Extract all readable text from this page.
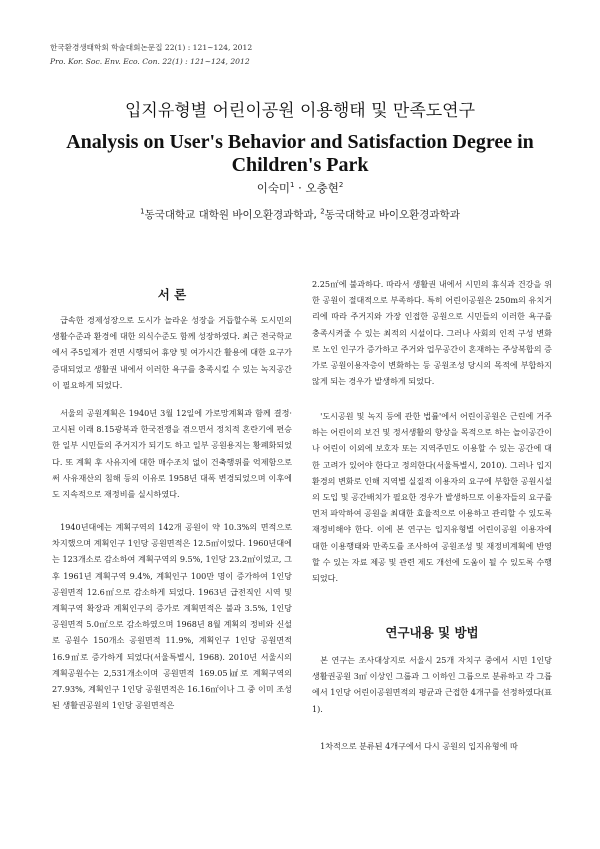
한국환경생태학회 학술대회논문집 22(1) : 121~124, 2012
Pro. Kor. Soc. Env. Eco. Con. 22(1) : 121~124, 2012
입지유형별 어린이공원 이용행태 및 만족도연구
Analysis on User's Behavior and Satisfaction Degree in Children's Park
이숙미$^1$ · 오충현$^2$
$^1$동국대학교 대학원 바이오환경과학과, $^2$동국대학교 바이오환경과학과
서 론

급속한 경제성장으로 도시가 놀라운 성장을 거듭할수록 도시민의 생활수준과 환경에 대한 의식수준도 함께 성장하였다. 최근 전국학교에서 주5일제가 전면 시행되어 휴양 및 여가시간 활용에 대한 요구가 증대되었고 생활권 내에서 이러한 욕구를 충족시킬 수 있는 녹지공간이 필요하게 되었다.

서울의 공원계획은 1940년 3월 12일에 가로망계획과 함께 결정·고시된 이래 8.15광복과 한국전쟁을 겪으면서 정치적 혼란기에 편승한 일부 시민들의 주거지가 되기도 하고 일부 공원용지는 황폐화되었다. 또 계획 후 사유지에 대한 매수조치 없이 건축행위를 억제함으로써 사유재산의 침해 등의 이유로 1958년 대폭 변경되었으며 이후에도 지속적으로 재정비를 실시하였다.

1940년대에는 계획구역의 142개 공원이 약 10.3%의 면적으로 차지했으며 계획인구 1인당 공원면적은 12.5㎡이었다. 1960년대에는 123개소로 감소하여 계획구역의 9.5%, 1인당 23.2㎡이었고, 그 후 1961년 계획구역 9.4%, 계획인구 100만 명이 증가하여 1인당 공원면적 12.6㎡으로 감소하게 되었다. 1963년 급전직인 시역 및 계획구역 확장과 계획인구의 증가로 계획면적은 불과 3.5%, 1인당 공원면적 5.0㎡으로 감소하였으며 1968년 8월 계획의 정비와 신설로 공원수 150개소 공원면적 11.9%, 계획인구 1인당 공원면적 16.9㎡로 증가하게 되었다(서울특별시, 1968). 2010년 서울시의 계획공원수는 2,531개소이며 공원면적 169.05㎢로 계획구역의 27.93%, 계획인구 1인당 공원면적은 16.16㎡이나 그 중 이미 조성된 생활권공원의 1인당 공원면적은

2.25㎡에 불과하다. 따라서 생활권 내에서 시민의 휴식과 건강을 위한 공원이 절대적으로 부족하다. 특히 어린이공원은 250m의 유치거리에 따라 주거지와 가장 인접한 공원으로 시민들의 이러한 욕구를 충족시켜줄 수 있는 최적의 시설이다. 그러나 사회의 인적 구성 변화로 노인 인구가 증가하고 주거와 업무공간이 혼재하는 주상복합의 증가로 공원이용자층이 변화하는 등 공원조성 당시의 목적에 부합하지 않게 되는 경우가 발생하게 되었다.

'도시공원 및 녹지 등에 관한 법률'에서 어린이공원은 근린에 거주하는 어린이의 보건 및 정서생활의 향상을 목적으로 하는 놀이공간이나 어린이 이외에 보호자 또는 지역주민도 이용할 수 있는 공간에 대한 고려가 있어야 한다고 정의한다(서울특별시, 2010). 그러나 입지환경의 변화로 인해 지역별 실질적 이용자의 요구에 부합한 공원시설의 도입 및 공간배치가 필요한 경우가 발생하므로 이용자들의 요구를 먼저 파악하여 공원을 최대한 효율적으로 이용하고 관리할 수 있도록 재정비해야 한다. 이에 본 연구는 입지유형별 어린이공원 이용자에 대한 이용행태와 만족도를 조사하여 공원조성 및 재정비계획에 반영할 수 있는 자료 제공 및 관련 제도 개선에 도움이 될 수 있도록 수행되었다.

연구내용 및 방법

본 연구는 조사대상지로 서울시 25개 자치구 중에서 시민 1인당 생활권공원 3㎡ 이상인 그룹과 그 이하인 그룹으로 분류하고 각 그룹에서 1인당 어린이공원면적의 평균과 근접한 4개구를 선정하였다(표 1).

1차적으로 분류된 4개구에서 다시 공원의 입지유형에 따
